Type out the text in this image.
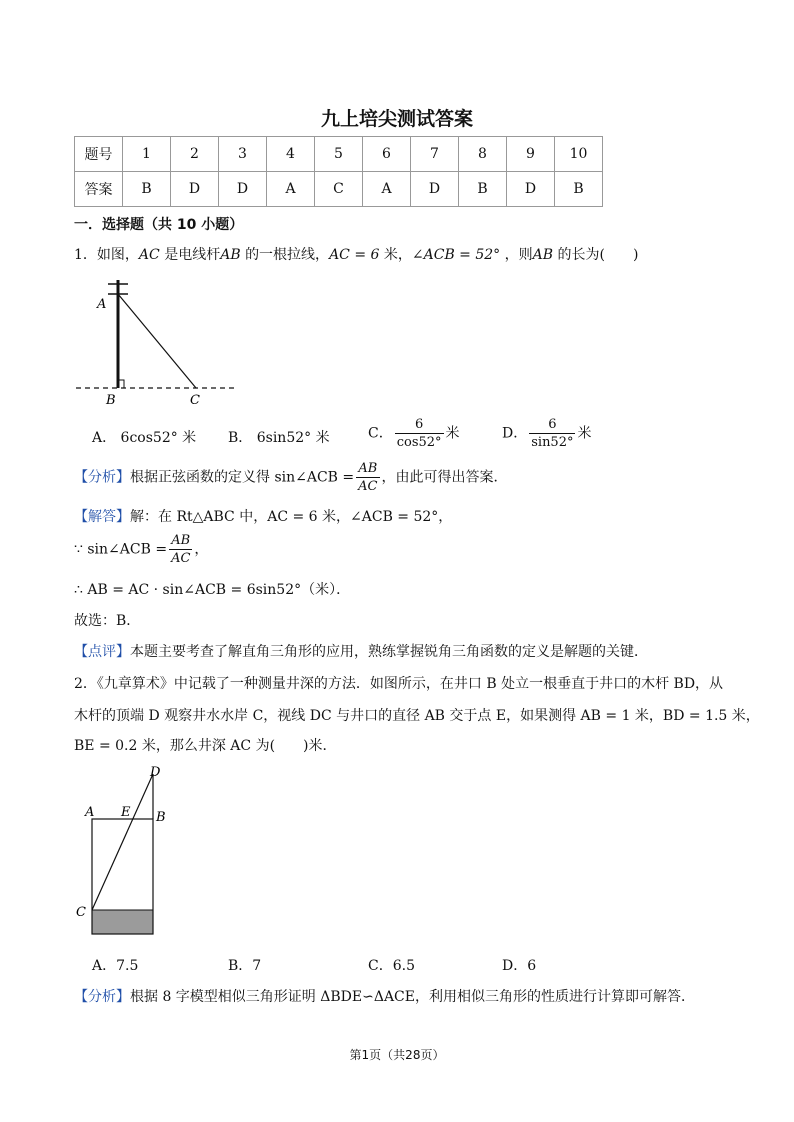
九上培尖测试答案
题号	1	2	3	4	5	6	7	8	9	10
答案	B	D	D	A	C	A	D	B	D	B
一．选择题（共 10 小题）
1．如图，AC 是电线杆AB 的一根拉线，AC = 6 米，∠ACB = 52° ，则AB 的长为(　　)
A
B	C
A． 6cos52° 米 B． 6sin52° 米	C． $\frac{6}{\cos 52^\circ}$ 米	D． $\frac{6}{\sin 52^\circ}$ 米
【分析】根据正弦函数的定义得 sin∠ACB = $\frac{AB}{AC}$ ，由此可得出答案．
【解答】解：在 Rt△ABC 中，AC = 6 米，∠ACB = 52°，
∵ sin∠ACB = $\frac{AB}{AC}$ ，
∴ AB = AC · sin∠ACB = 6sin52°（米）．
故选：B．
【点评】本题主要考查了解直角三角形的应用，熟练掌握锐角三角函数的定义是解题的关键．
2．《九章算术》中记载了一种测量井深的方法．如图所示，在井口 B 处立一根垂直于井口的木杆 BD，从
木杆的顶端 D 观察井水水岸 C，视线 DC 与井口的直径 AB 交于点 E，如果测得 AB = 1 米，BD = 1.5 米，
BE = 0.2 米，那么井深 AC 为(　　)米．
D
A E B
C
A．7.5	B．7	C．6.5	D．6
【分析】根据 8 字模型相似三角形证明 ΔBDE∽ΔACE，利用相似三角形的性质进行计算即可解答．
第1页（共28页）
